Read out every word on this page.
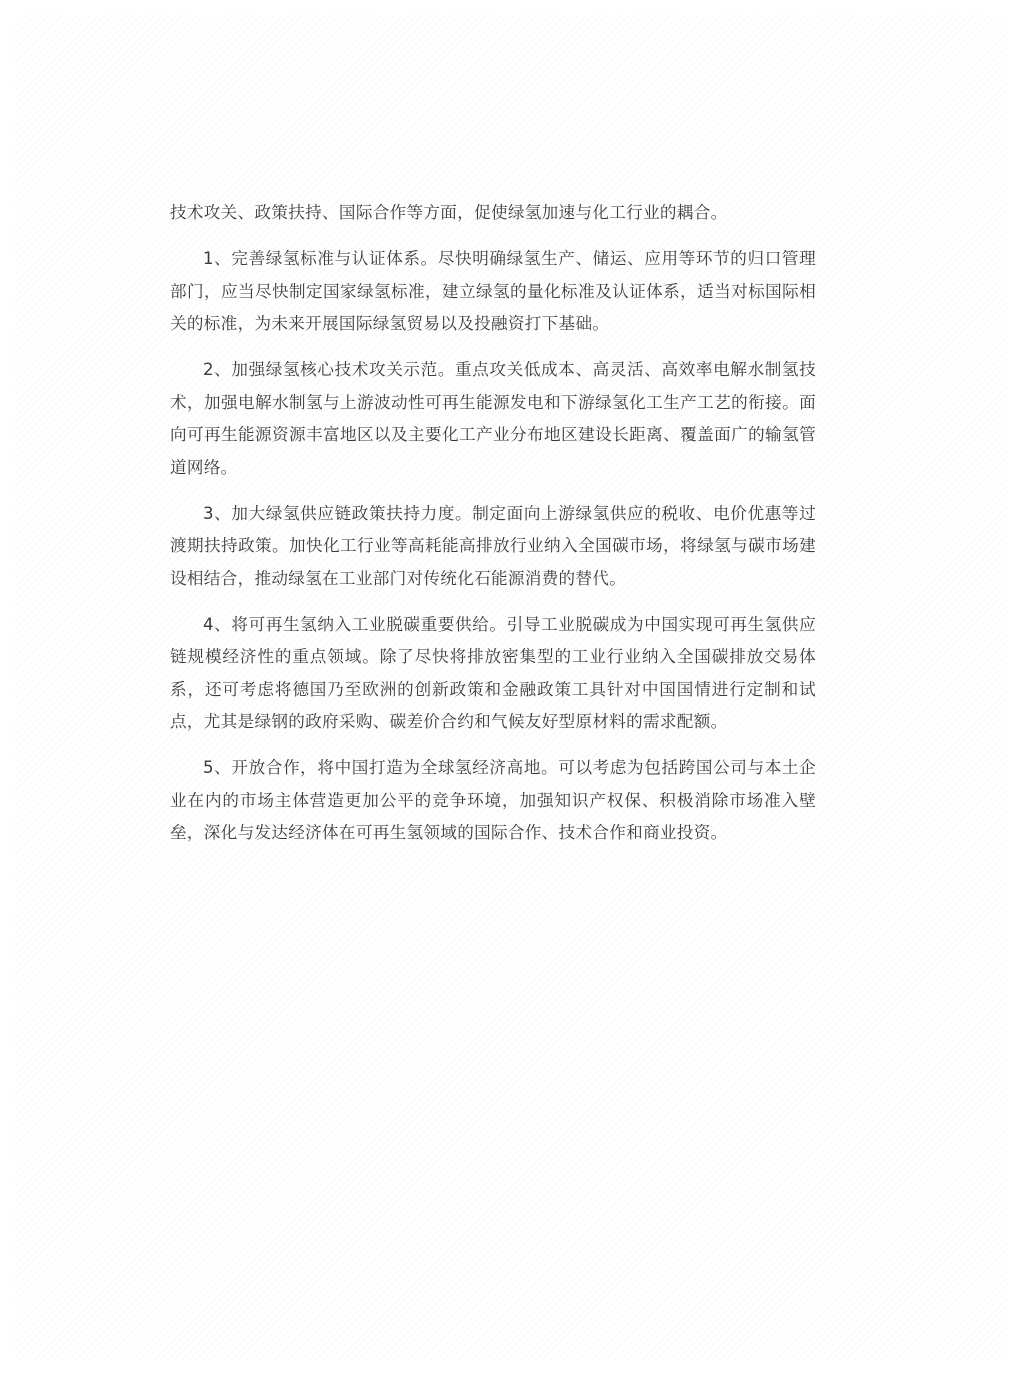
技术攻关、政策扶持、国际合作等方面，促使绿氢加速与化工行业的耦合。

1、完善绿氢标准与认证体系。尽快明确绿氢生产、储运、应用等环节的归口管理部门，应当尽快制定国家绿氢标准，建立绿氢的量化标准及认证体系，适当对标国际相关的标准，为未来开展国际绿氢贸易以及投融资打下基础。

2、加强绿氢核心技术攻关示范。重点攻关低成本、高灵活、高效率电解水制氢技术，加强电解水制氢与上游波动性可再生能源发电和下游绿氢化工生产工艺的衔接。面向可再生能源资源丰富地区以及主要化工产业分布地区建设长距离、覆盖面广的输氢管道网络。

3、加大绿氢供应链政策扶持力度。制定面向上游绿氢供应的税收、电价优惠等过渡期扶持政策。加快化工行业等高耗能高排放行业纳入全国碳市场，将绿氢与碳市场建设相结合，推动绿氢在工业部门对传统化石能源消费的替代。

4、将可再生氢纳入工业脱碳重要供给。引导工业脱碳成为中国实现可再生氢供应链规模经济性的重点领域。除了尽快将排放密集型的工业行业纳入全国碳排放交易体系，还可考虑将德国乃至欧洲的创新政策和金融政策工具针对中国国情进行定制和试点，尤其是绿钢的政府采购、碳差价合约和气候友好型原材料的需求配额。

5、开放合作，将中国打造为全球氢经济高地。可以考虑为包括跨国公司与本土企业在内的市场主体营造更加公平的竞争环境，加强知识产权保、积极消除市场准入壁垒，深化与发达经济体在可再生氢领域的国际合作、技术合作和商业投资。
